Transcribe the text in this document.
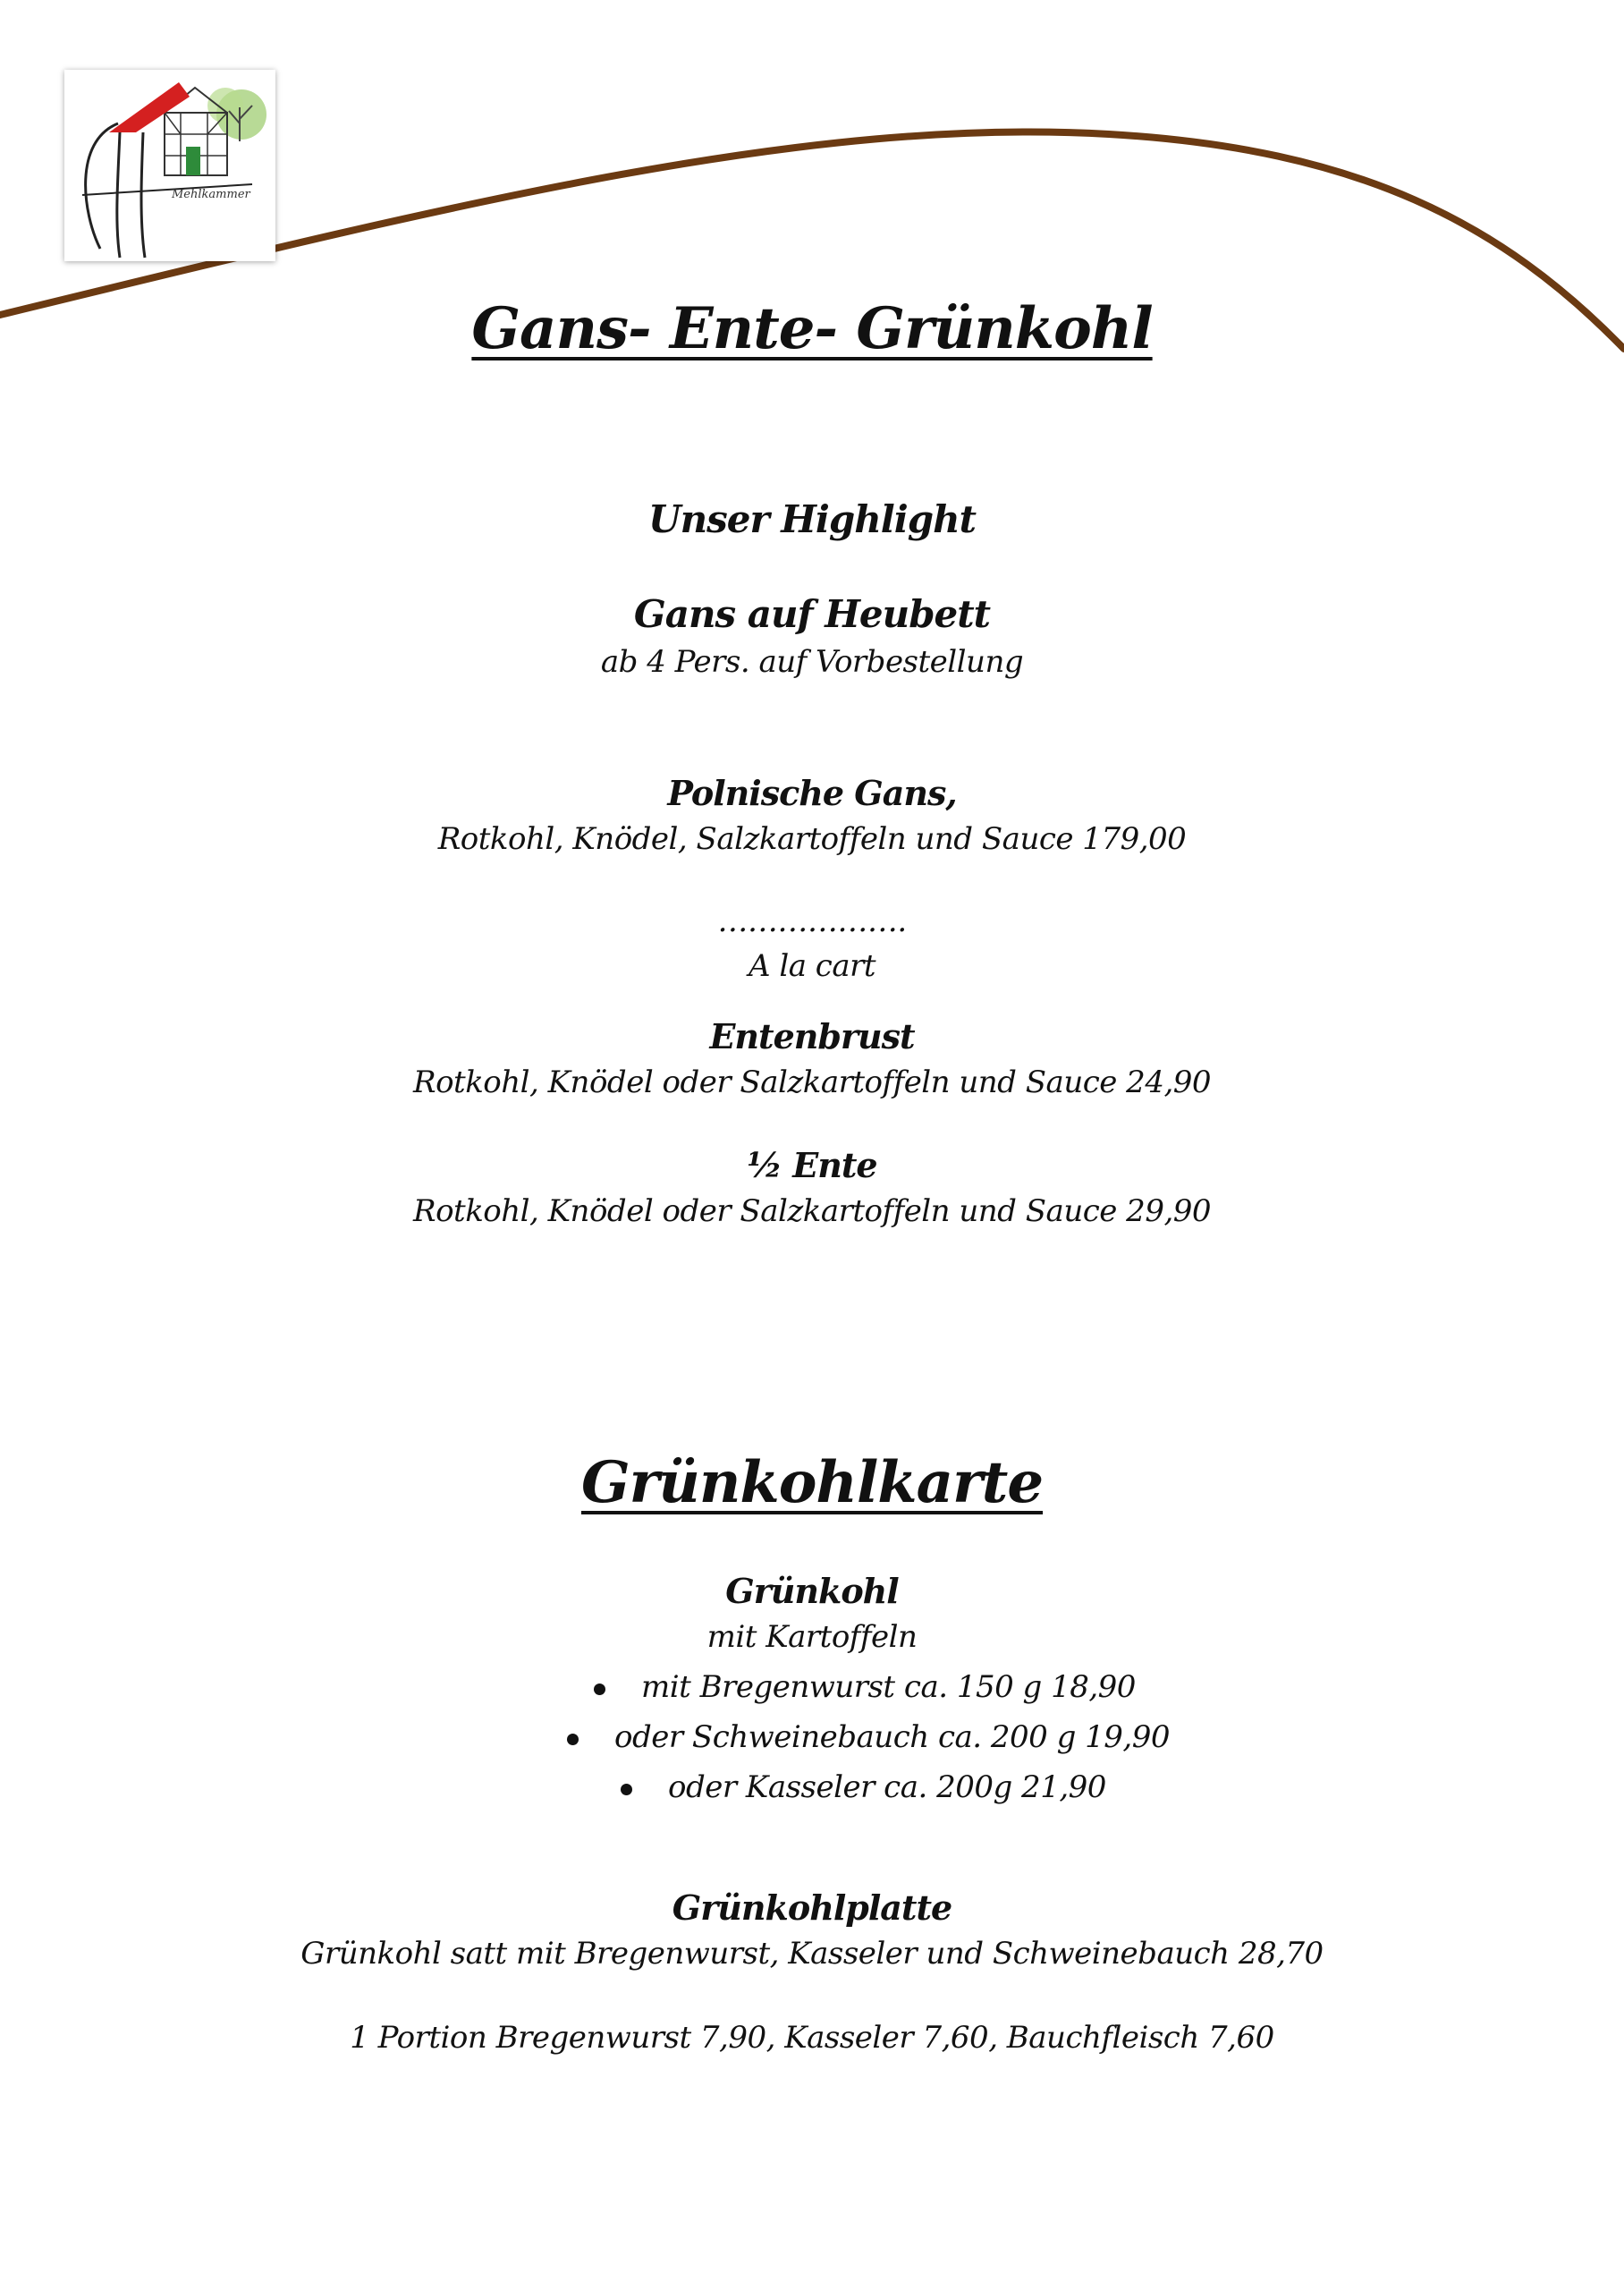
Mehlkammer
Gans- Ente- Grünkohl
Unser Highlight
Gans auf Heubett
ab 4 Pers. auf Vorbestellung
Polnische Gans,
Rotkohl, Knödel, Salzkartoffeln und Sauce 179,00
……………….
A la cart
Entenbrust
Rotkohl, Knödel oder Salzkartoffeln und Sauce 24,90
½ Ente
Rotkohl, Knödel oder Salzkartoffeln und Sauce 29,90
Grünkohlkarte
Grünkohl
mit Kartoffeln
mit Bregenwurst ca. 150 g 18,90
oder Schweinebauch ca. 200 g 19,90
oder Kasseler ca. 200g 21,90
Grünkohlplatte
Grünkohl satt mit Bregenwurst, Kasseler und Schweinebauch 28,70
1 Portion Bregenwurst 7,90, Kasseler 7,60, Bauchfleisch 7,60
